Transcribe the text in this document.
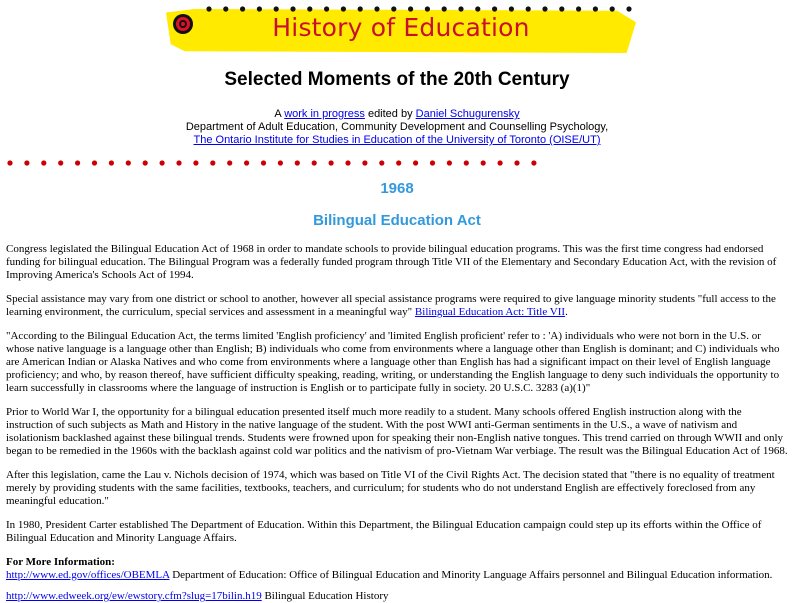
History of Education
Selected Moments of the 20th Century
A work in progress edited by Daniel Schugurensky
Department of Adult Education, Community Development and Counselling Psychology,
The Ontario Institute for Studies in Education of the University of Toronto (OISE/UT)
1968
Bilingual Education Act

Congress legislated the Bilingual Education Act of 1968 in order to mandate schools to provide bilingual education programs. This was the first time congress had endorsed funding for bilingual education. The Bilingual Program was a federally funded program through Title VII of the Elementary and Secondary Education Act, with the revision of Improving America's Schools Act of 1994.

Special assistance may vary from one district or school to another, however all special assistance programs were required to give language minority students "full access to the learning environment, the curriculum, special services and assessment in a meaningful way" Bilingual Education Act: Title VII.

"According to the Bilingual Education Act, the terms limited 'English proficiency' and 'limited English proficient' refer to : 'A) individuals who were not born in the U.S. or whose native language is a language other than English; B) individuals who come from environments where a language other than English is dominant; and C) individuals who are American Indian or Alaska Natives and who come from environments where a language other than English has had a significant impact on their level of English language proficiency; and who, by reason thereof, have sufficient difficulty speaking, reading, writing, or understanding the English language to deny such individuals the opportunity to learn successfully in classrooms where the language of instruction is English or to participate fully in society. 20 U.S.C. 3283 (a)(1)"

Prior to World War I, the opportunity for a bilingual education presented itself much more readily to a student. Many schools offered English instruction along with the instruction of such subjects as Math and History in the native language of the student. With the post WWI anti-German sentiments in the U.S., a wave of nativism and isolationism backlashed against these bilingual trends. Students were frowned upon for speaking their non-English native tongues. This trend carried on through WWII and only began to be remedied in the 1960s with the backlash against cold war politics and the nativism of pro-Vietnam War verbiage. The result was the Bilingual Education Act of 1968.

After this legislation, came the Lau v. Nichols decision of 1974, which was based on Title VI of the Civil Rights Act. The decision stated that "there is no equality of treatment merely by providing students with the same facilities, textbooks, teachers, and curriculum; for students who do not understand English are effectively foreclosed from any meaningful education."

In 1980, President Carter established The Department of Education. Within this Department, the Bilingual Education campaign could step up its efforts within the Office of Bilingual Education and Minority Language Affairs.

For More Information:
http://www.ed.gov/offices/OBEMLA Department of Education: Office of Bilingual Education and Minority Language Affairs personnel and Bilingual Education information.
http://www.edweek.org/ew/ewstory.cfm?slug=17bilin.h19 Bilingual Education History
